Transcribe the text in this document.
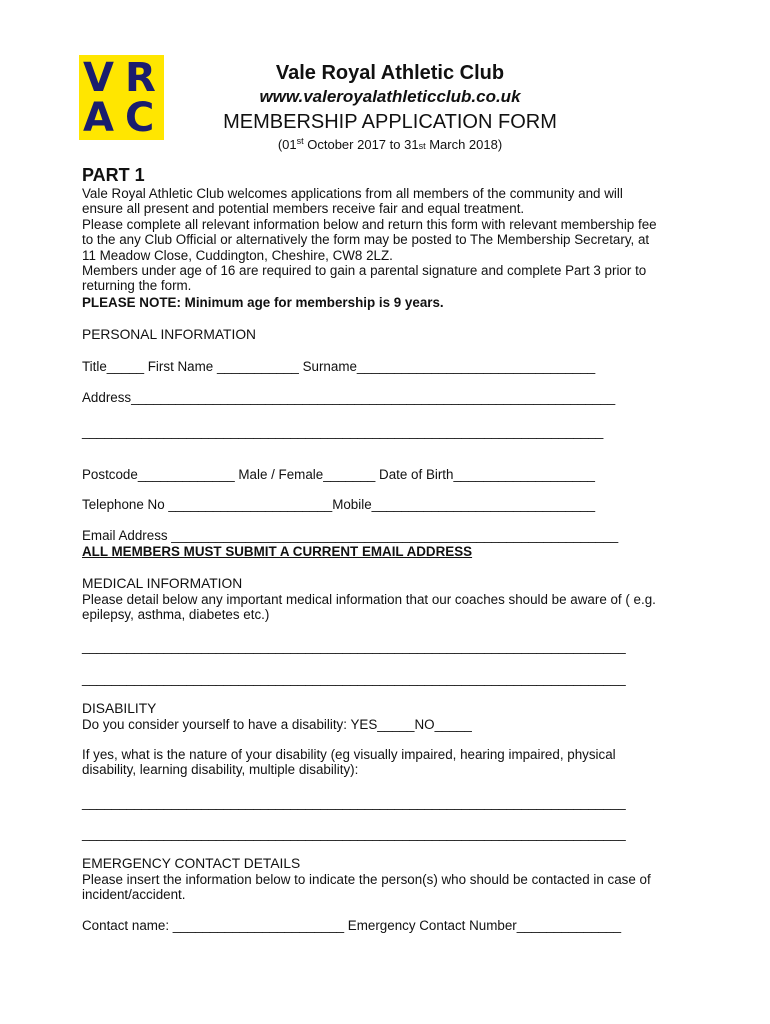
V R
A C
Vale Royal Athletic Club
www.valeroyalathleticclub.co.uk
MEMBERSHIP APPLICATION FORM
(01st October 2017 to 31st March 2018)
PART 1
Vale Royal Athletic Club welcomes applications from all members of the community and will
ensure all present and potential members receive fair and equal treatment.
Please complete all relevant information below and return this form with relevant membership fee
to the any Club Official or alternatively the form may be posted to The Membership Secretary, at
11 Meadow Close, Cuddington, Cheshire, CW8 2LZ.
Members under age of 16 are required to gain a parental signature and complete Part 3 prior to
returning the form.
PLEASE NOTE: Minimum age for membership is 9 years.
PERSONAL INFORMATION
Title_____ First Name ___________ Surname________________________________
Address_________________________________________________________________
______________________________________________________________________
Postcode_____________ Male / Female_______ Date of Birth___________________
Telephone No ______________________Mobile______________________________
Email Address ____________________________________________________________
ALL MEMBERS MUST SUBMIT A CURRENT EMAIL ADDRESS
MEDICAL INFORMATION
Please detail below any important medical information that our coaches should be aware of ( e.g.
epilepsy, asthma, diabetes etc.)
_________________________________________________________________________
_________________________________________________________________________
DISABILITY
Do you consider yourself to have a disability: YES_____NO_____
If yes, what is the nature of your disability (eg visually impaired, hearing impaired, physical
disability, learning disability, multiple disability):
_________________________________________________________________________
_________________________________________________________________________
EMERGENCY CONTACT DETAILS
Please insert the information below to indicate the person(s) who should be contacted in case of
incident/accident.
Contact name: _______________________ Emergency Contact Number______________
